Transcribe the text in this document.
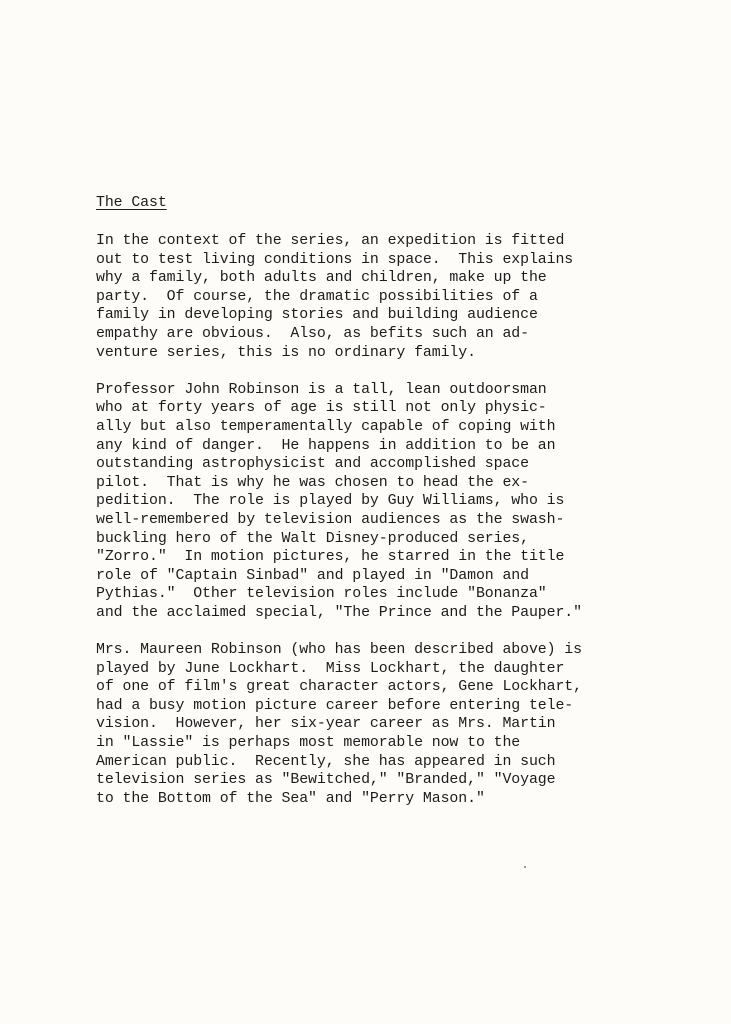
The Cast
In the context of the series, an expedition is fitted
out to test living conditions in space.  This explains
why a family, both adults and children, make up the
party.  Of course, the dramatic possibilities of a
family in developing stories and building audience
empathy are obvious.  Also, as befits such an ad-
venture series, this is no ordinary family.
Professor John Robinson is a tall, lean outdoorsman
who at forty years of age is still not only physic-
ally but also temperamentally capable of coping with
any kind of danger.  He happens in addition to be an
outstanding astrophysicist and accomplished space
pilot.  That is why he was chosen to head the ex-
pedition.  The role is played by Guy Williams, who is
well-remembered by television audiences as the swash-
buckling hero of the Walt Disney-produced series,
"Zorro."  In motion pictures, he starred in the title
role of "Captain Sinbad" and played in "Damon and
Pythias."  Other television roles include "Bonanza"
and the acclaimed special, "The Prince and the Pauper."
Mrs. Maureen Robinson (who has been described above) is
played by June Lockhart.  Miss Lockhart, the daughter
of one of film's great character actors, Gene Lockhart,
had a busy motion picture career before entering tele-
vision.  However, her six-year career as Mrs. Martin
in "Lassie" is perhaps most memorable now to the
American public.  Recently, she has appeared in such
television series as "Bewitched," "Branded," "Voyage
to the Bottom of the Sea" and "Perry Mason."
